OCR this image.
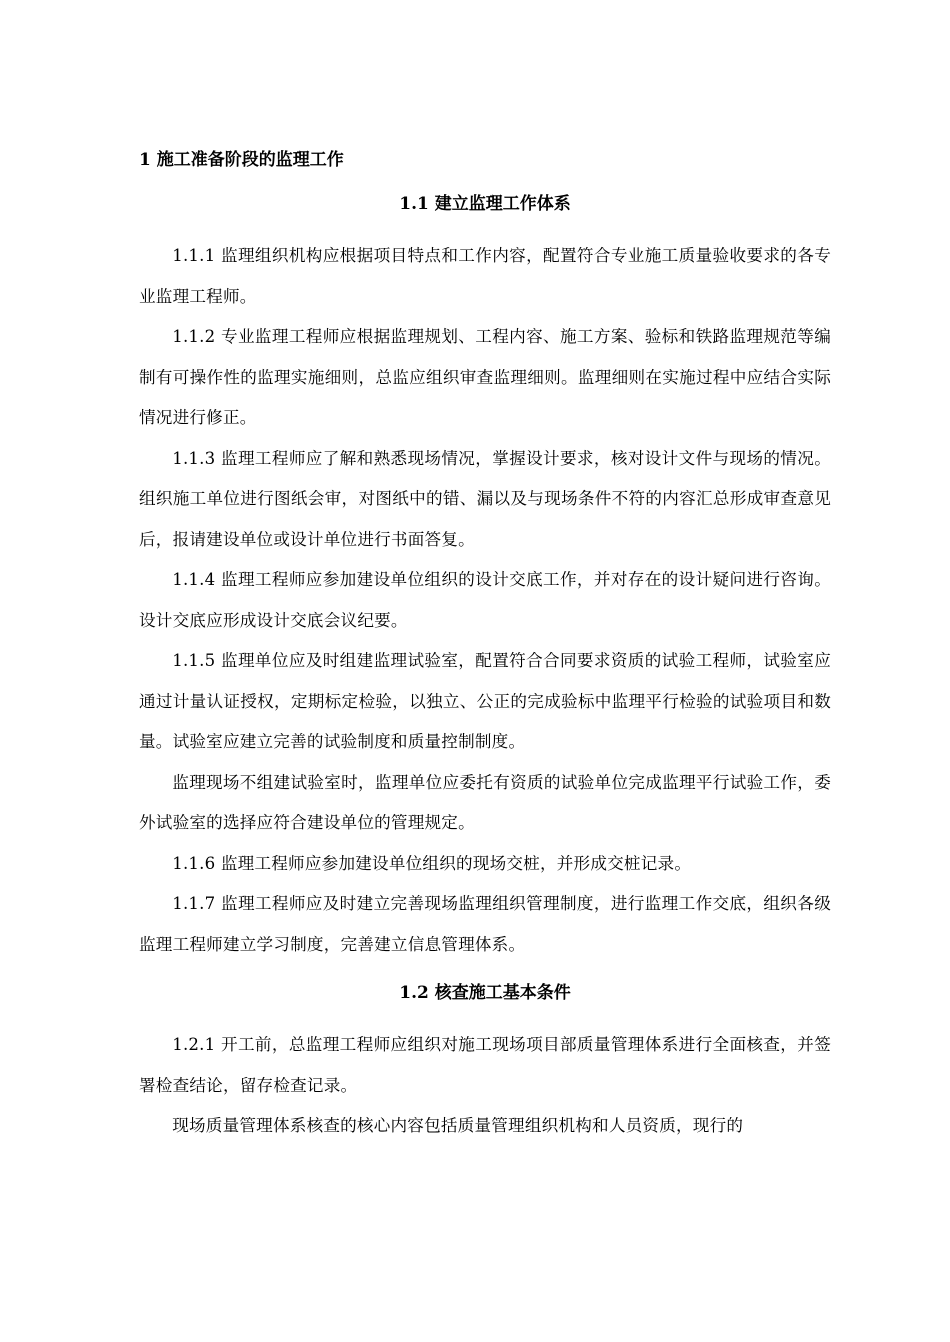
1 施工准备阶段的监理工作

1.1 建立监理工作体系

1.1.1 监理组织机构应根据项目特点和工作内容，配置符合专业施工质量验收要求的各专业监理工程师。

1.1.2 专业监理工程师应根据监理规划、工程内容、施工方案、验标和铁路监理规范等编制有可操作性的监理实施细则，总监应组织审查监理细则。监理细则在实施过程中应结合实际情况进行修正。

1.1.3 监理工程师应了解和熟悉现场情况，掌握设计要求，核对设计文件与现场的情况。组织施工单位进行图纸会审，对图纸中的错、漏以及与现场条件不符的内容汇总形成审查意见后，报请建设单位或设计单位进行书面答复。

1.1.4 监理工程师应参加建设单位组织的设计交底工作，并对存在的设计疑问进行咨询。设计交底应形成设计交底会议纪要。

1.1.5 监理单位应及时组建监理试验室，配置符合合同要求资质的试验工程师，试验室应通过计量认证授权，定期标定检验，以独立、公正的完成验标中监理平行检验的试验项目和数量。试验室应建立完善的试验制度和质量控制制度。

监理现场不组建试验室时，监理单位应委托有资质的试验单位完成监理平行试验工作，委外试验室的选择应符合建设单位的管理规定。

1.1.6 监理工程师应参加建设单位组织的现场交桩，并形成交桩记录。

1.1.7 监理工程师应及时建立完善现场监理组织管理制度，进行监理工作交底，组织各级监理工程师建立学习制度，完善建立信息管理体系。

1.2 核查施工基本条件

1.2.1 开工前，总监理工程师应组织对施工现场项目部质量管理体系进行全面核查，并签署检查结论，留存检查记录。

现场质量管理体系核查的核心内容包括质量管理组织机构和人员资质，现行的
